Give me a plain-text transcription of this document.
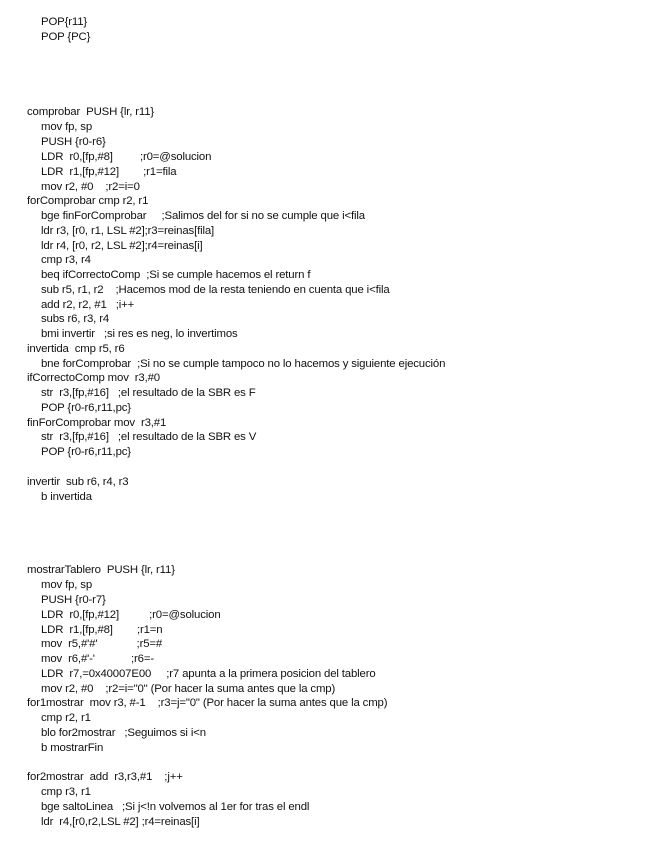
POP{r11}
POP {PC}
comprobar  PUSH {lr, r11}
mov fp, sp
PUSH {r0-r6}
LDR  r0,[fp,#8]         ;r0=@solucion
LDR  r1,[fp,#12]        ;r1=fila
mov r2, #0    ;r2=i=0
forComprobar cmp r2, r1
bge finForComprobar     ;Salimos del for si no se cumple que i<fila
ldr r3, [r0, r1, LSL #2];r3=reinas[fila]
ldr r4, [r0, r2, LSL #2];r4=reinas[i]
cmp r3, r4
beq ifCorrectoComp  ;Si se cumple hacemos el return f
sub r5, r1, r2    ;Hacemos mod de la resta teniendo en cuenta que i<fila
add r2, r2, #1   ;i++
subs r6, r3, r4
bmi invertir   ;si res es neg, lo invertimos
invertida  cmp r5, r6
bne forComprobar  ;Si no se cumple tampoco no lo hacemos y siguiente ejecución
ifCorrectoComp mov  r3,#0
str  r3,[fp,#16]   ;el resultado de la SBR es F
POP {r0-r6,r11,pc}
finForComprobar mov  r3,#1
str  r3,[fp,#16]   ;el resultado de la SBR es V
POP {r0-r6,r11,pc}
invertir  sub r6, r4, r3
b invertida
mostrarTablero  PUSH {lr, r11}
mov fp, sp
PUSH {r0-r7}
LDR  r0,[fp,#12]          ;r0=@solucion
LDR  r1,[fp,#8]        ;r1=n
mov  r5,#'#'             ;r5=#
mov  r6,#'-'            ;r6=-
LDR  r7,=0x40007E00     ;r7 apunta a la primera posicion del tablero
mov r2, #0    ;r2=i="0" (Por hacer la suma antes que la cmp)
for1mostrar  mov r3, #-1    ;r3=j="0" (Por hacer la suma antes que la cmp)
cmp r2, r1
blo for2mostrar   ;Seguimos si i<n
b mostrarFin
for2mostrar  add  r3,r3,#1    ;j++
cmp r3, r1
bge saltoLinea   ;Si j<!n volvemos al 1er for tras el endl
ldr  r4,[r0,r2,LSL #2] ;r4=reinas[i]
